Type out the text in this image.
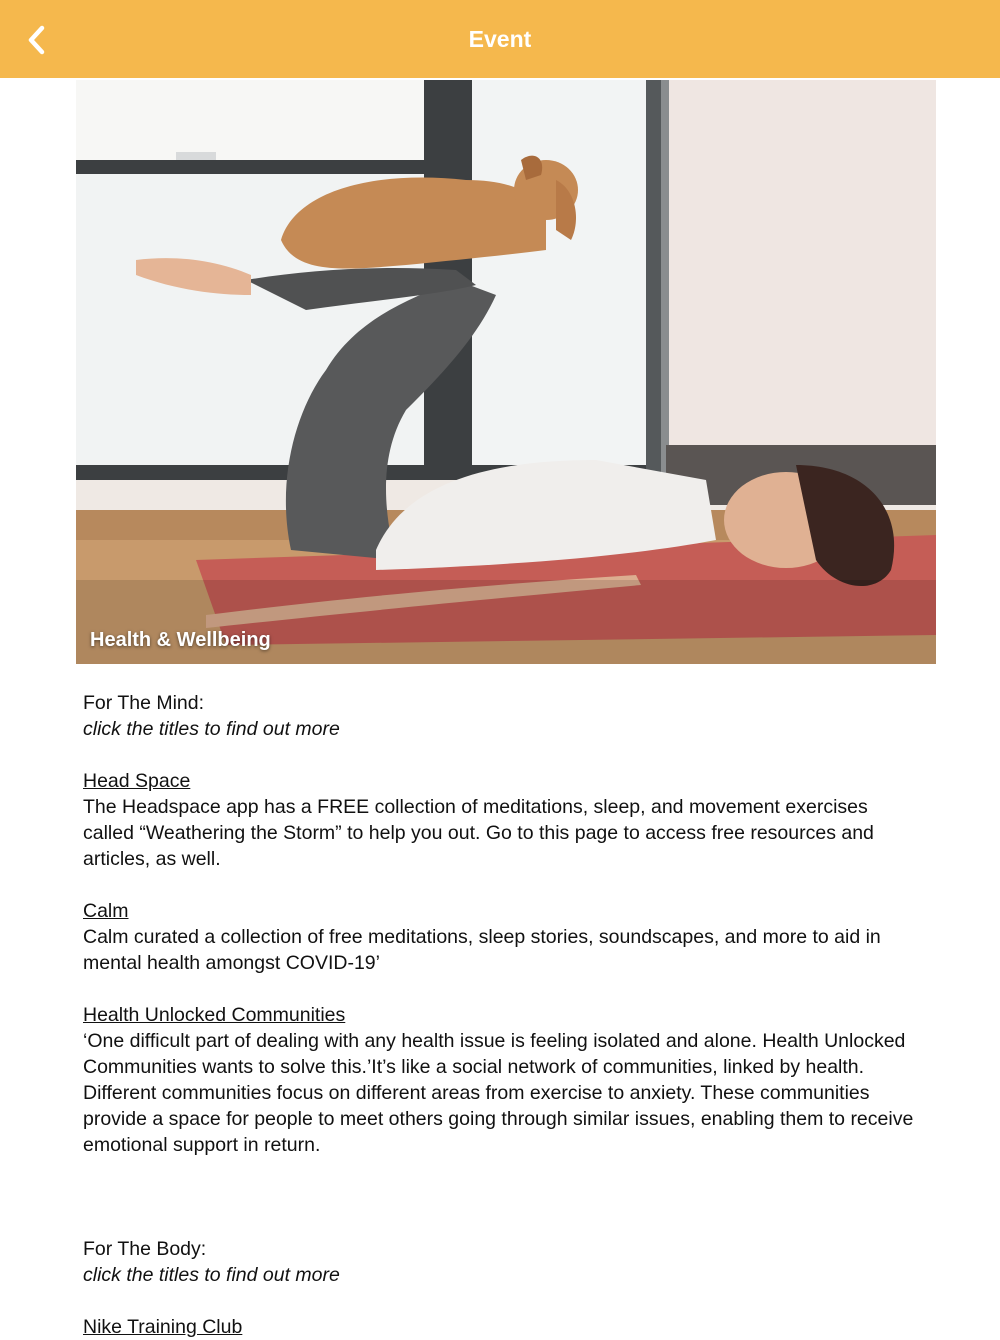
Event
Health & Wellbeing
For The Mind:
click the titles to find out more
Head Space

The Headspace app has a FREE collection of meditations, sleep, and movement exercises called “Weathering the Storm” to help you out. Go to this page to access free resources and articles, as well.

Calm

Calm curated a collection of free meditations, sleep stories, soundscapes, and more to aid in mental health amongst COVID-19’

Health Unlocked Communities

‘One difficult part of dealing with any health issue is feeling isolated and alone. Health Unlocked Communities wants to solve this.’It’s like a social network of communities, linked by health. Different communities focus on different areas from exercise to anxiety. These communities provide a space for people to meet others going through similar issues, enabling them to receive emotional support in return.

For The Body:
click the titles to find out more
Nike Training Club
